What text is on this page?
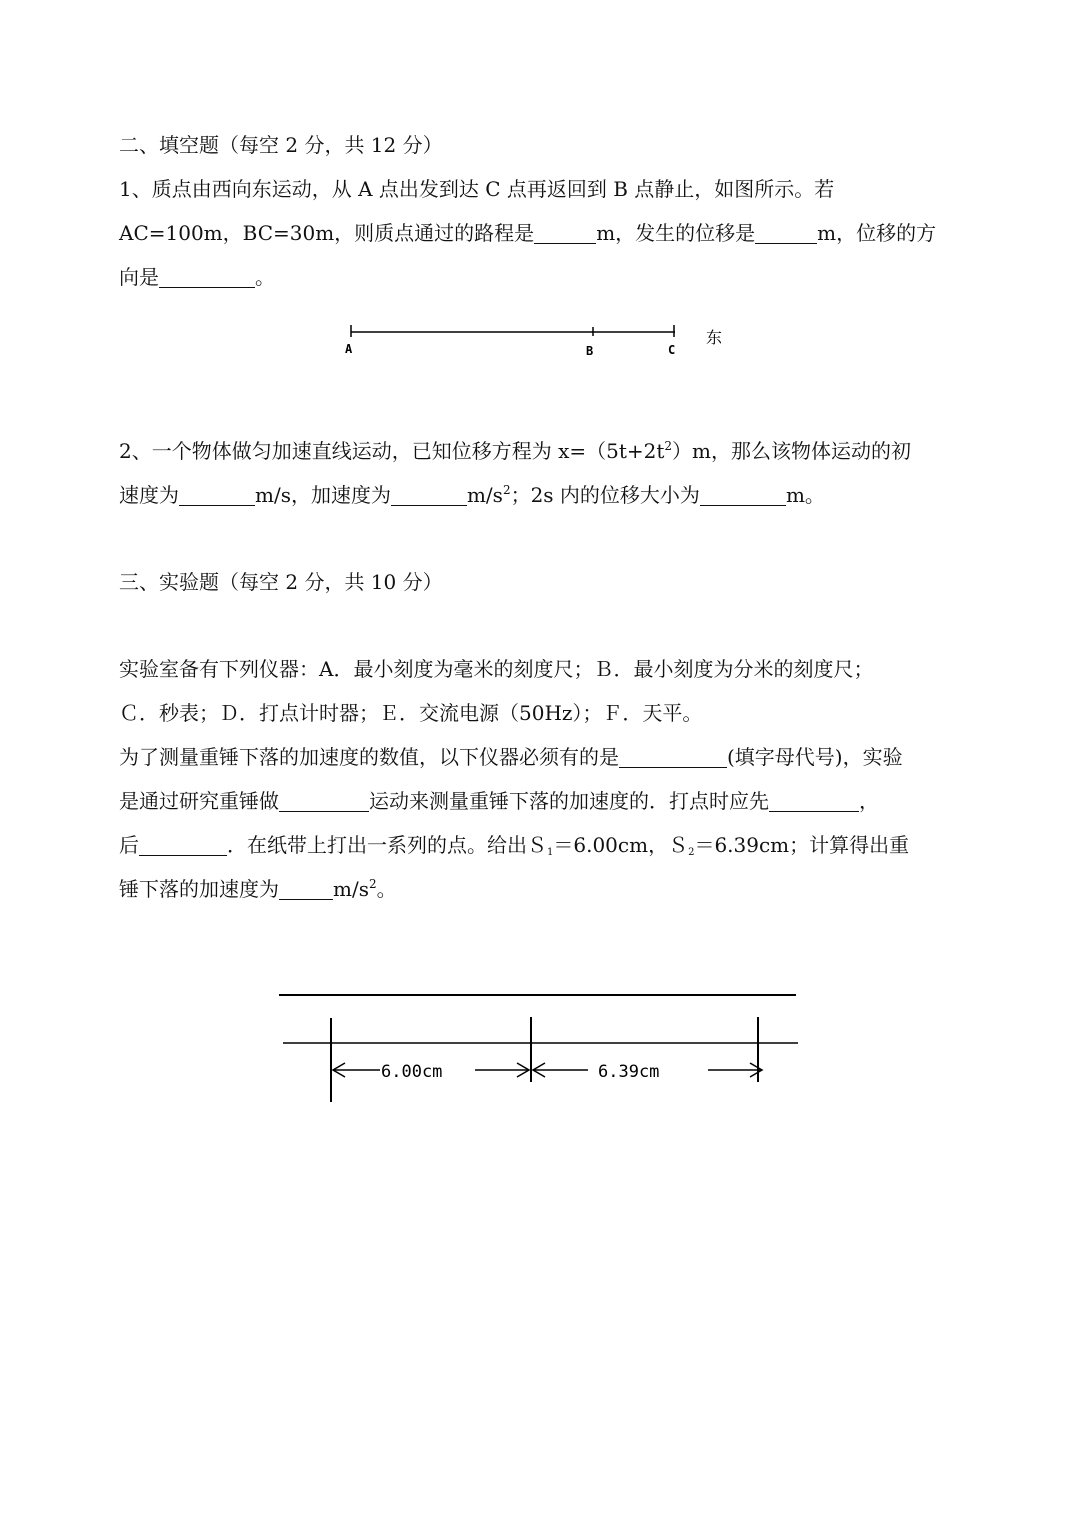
二、填空题（每空 2 分，共 12 分）
1、质点由西向东运动，从 A 点出发到达 C 点再返回到 B 点静止，如图所示。若
AC=100m，BC=30m，则质点通过的路程是	m，发生的位移是	m，位移的方
向是	。
A	B	C
东
2、一个物体做匀加速直线运动，已知位移方程为 $x=(5t+2t^2)m$，那么该物体运动的初
速度为	m/s，加速度为	$m/s^2$；2s 内的位移大小为	m。
三、实验题（每空 2 分，共 10 分）
实验室备有下列仪器：A．最小刻度为毫米的刻度尺；Ｂ．最小刻度为分米的刻度尺；
Ｃ．秒表；Ｄ．打点计时器；Ｅ．交流电源（50Hz）；Ｆ．天平。
为了测量重锤下落的加速度的数值，以下仪器必须有的是	(填字母代号)，实验
是通过研究重锤做	运动来测量重锤下落的加速度的．打点时应先	，
后	．在纸带上打出一系列的点。给出Ｓ$_1$＝6.00cm，Ｓ$_2$＝6.39cm；计算得出重
锤下落的加速度为	$m/s^2$。
6.00cm	6.39cm
